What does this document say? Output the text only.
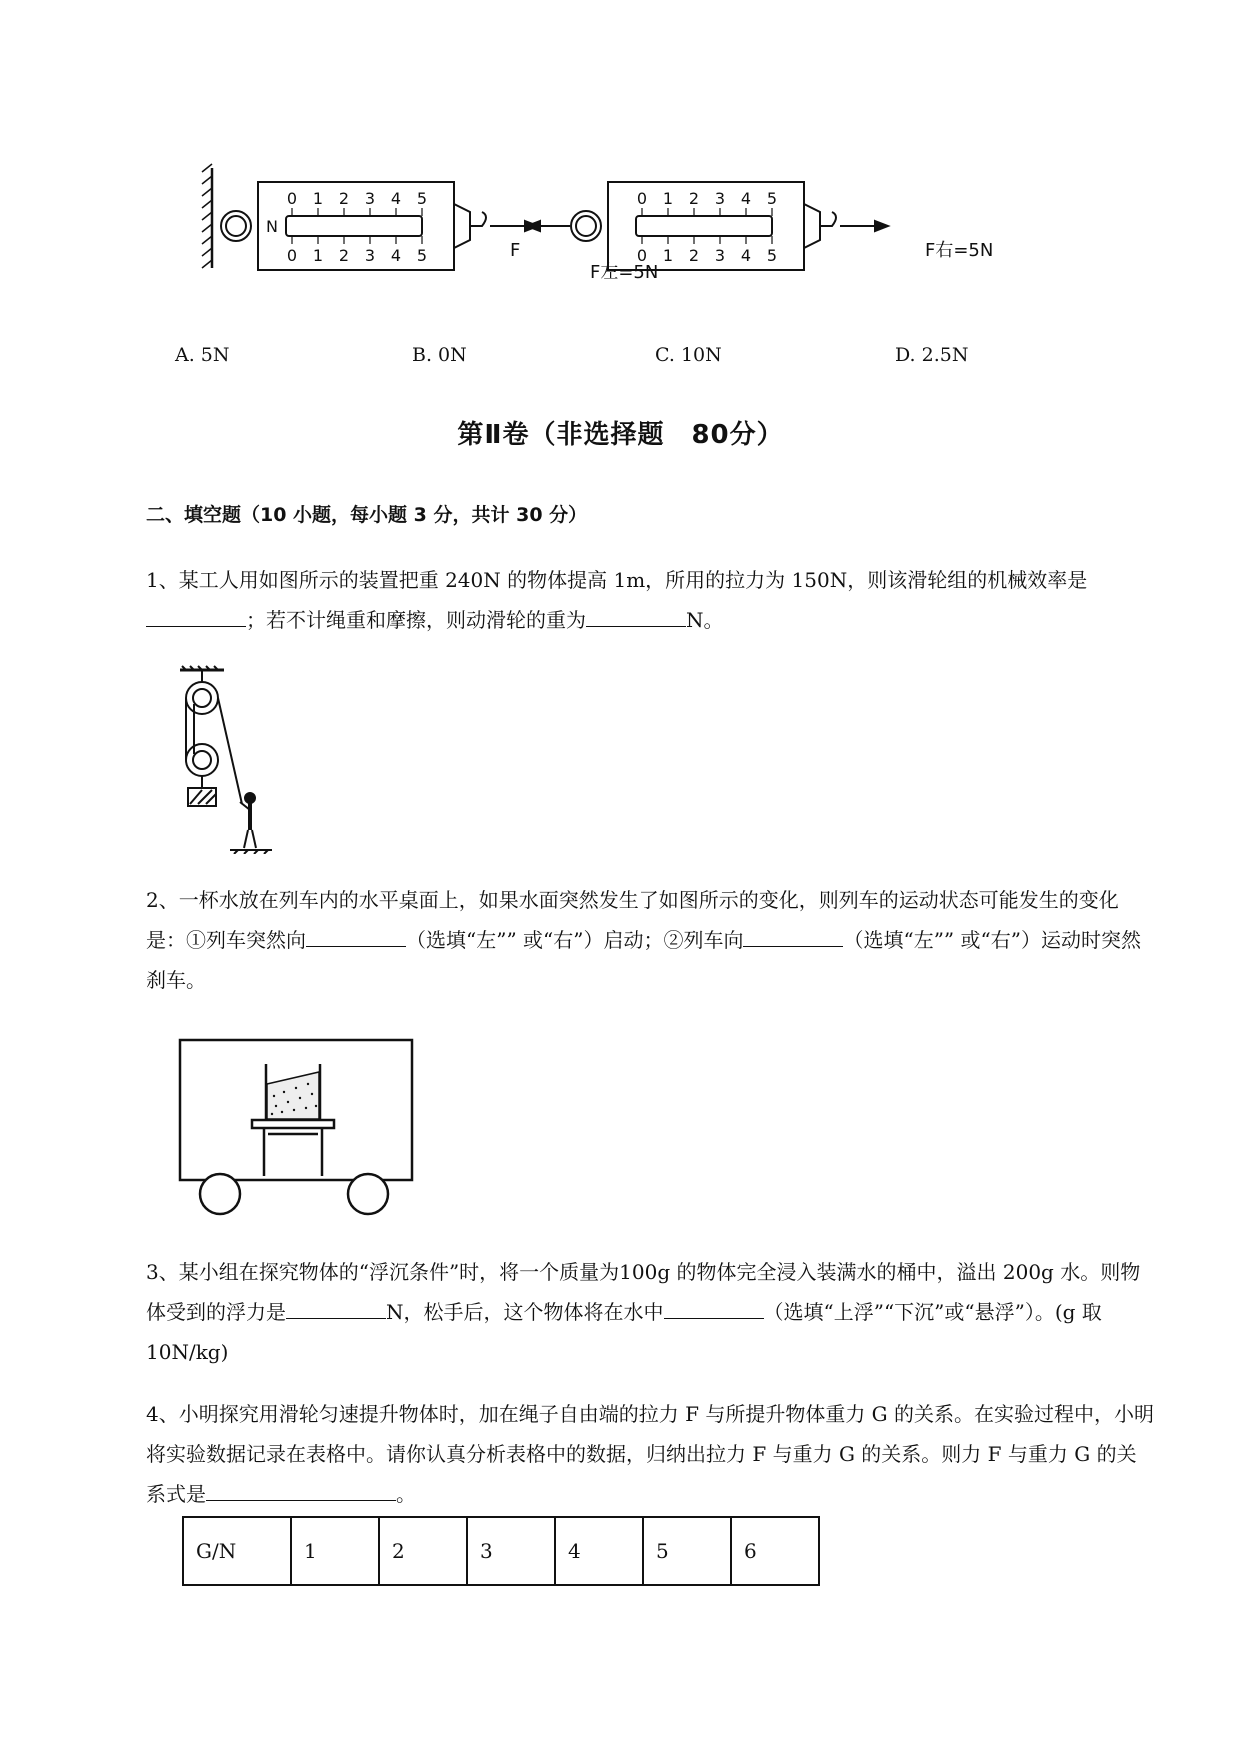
0 1 2 3 4 5
0 1 2 3 4 5
N
F
0 1 2 3 4 5
0 1 2 3 4 5
F左=5N
F右=5N
A. 5N	B. 0N	C. 10N	D. 2.5N
第Ⅱ卷（非选择题　80分）
二、填空题（10 小题，每小题 3 分，共计 30 分）
1、某工人用如图所示的装置把重 240N 的物体提高 1m，所用的拉力为 150N，则该滑轮组的机械效率是；若不计绳重和摩擦，则动滑轮的重为	N。
2、一杯水放在列车内的水平桌面上，如果水面突然发生了如图所示的变化，则列车的运动状态可能发生的变化是：①列车突然向	（选填“左”” 或“右”）启动；②列车向	（选填“左”” 或“右”）运动时突然刹车。
3、某小组在探究物体的“浮沉条件”时，将一个质量为100g 的物体完全浸入装满水的桶中，溢出 200g 水。则物体受到的浮力是	N，松手后，这个物体将在水中	（选填“上浮”“下沉”或“悬浮”）。(g 取 10N/kg)
4、小明探究用滑轮匀速提升物体时，加在绳子自由端的拉力 F 与所提升物体重力 G 的关系。在实验过程中，小明将实验数据记录在表格中。请你认真分析表格中的数据，归纳出拉力 F 与重力 G 的关系。则力 F 与重力 G 的关系式是	。
G/N	1	2	3	4	5	6
